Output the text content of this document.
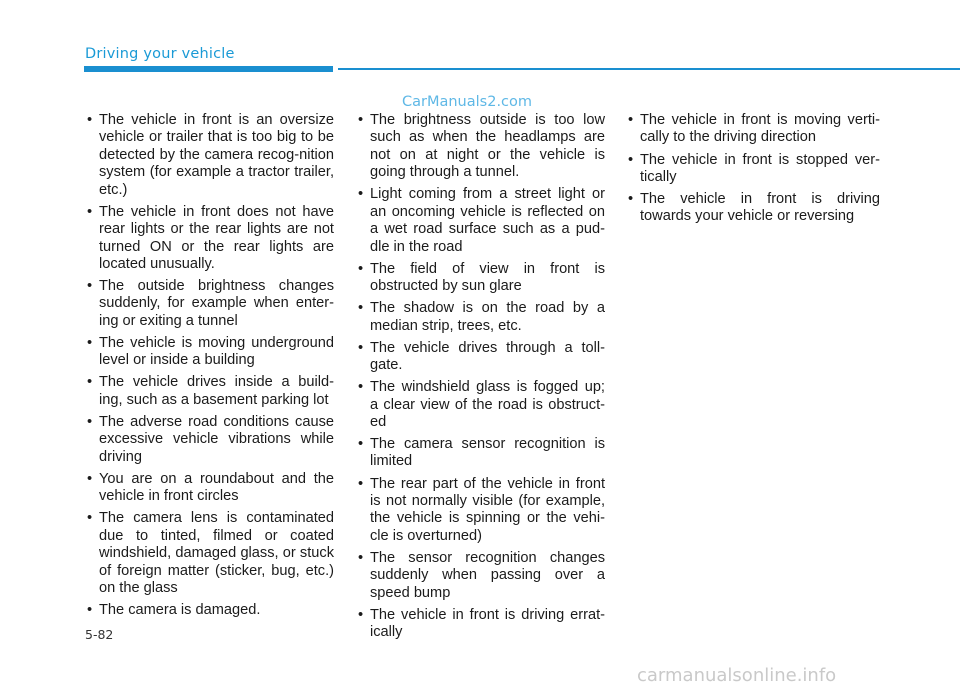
Driving your vehicle
CarManuals2.com
• The vehicle in front is an oversize vehicle or trailer that is too big to be detected by the camera recog-nition system (for example a tractor trailer, etc.)
• The vehicle in front does not have rear lights or the rear lights are not turned ON or the rear lights are located unusually.
• The outside brightness changes suddenly, for example when enter-ing or exiting a tunnel
• The vehicle is moving underground level or inside a building
• The vehicle drives inside a build-ing, such as a basement parking lot
• The adverse road conditions cause excessive vehicle vibrations while driving
• You are on a roundabout and the vehicle in front circles
• The camera lens is contaminated due to tinted, filmed or coated windshield, damaged glass, or stuck of foreign matter (sticker, bug, etc.) on the glass
• The camera is damaged.
• The brightness outside is too low such as when the headlamps are not on at night or the vehicle is going through a tunnel.
• Light coming from a street light or an oncoming vehicle is reflected on a wet road surface such as a pud-dle in the road
• The field of view in front is obstructed by sun glare
• The shadow is on the road by a median strip, trees, etc.
• The vehicle drives through a toll-gate.
• The windshield glass is fogged up; a clear view of the road is obstruct-ed
• The camera sensor recognition is limited
• The rear part of the vehicle in front is not normally visible (for example, the vehicle is spinning or the vehi-cle is overturned)
• The sensor recognition changes suddenly when passing over a speed bump
• The vehicle in front is driving errat-ically
• The vehicle in front is moving verti-cally to the driving direction
• The vehicle in front is stopped ver-tically
• The vehicle in front is driving towards your vehicle or reversing
5-82
carmanualsonline.info
